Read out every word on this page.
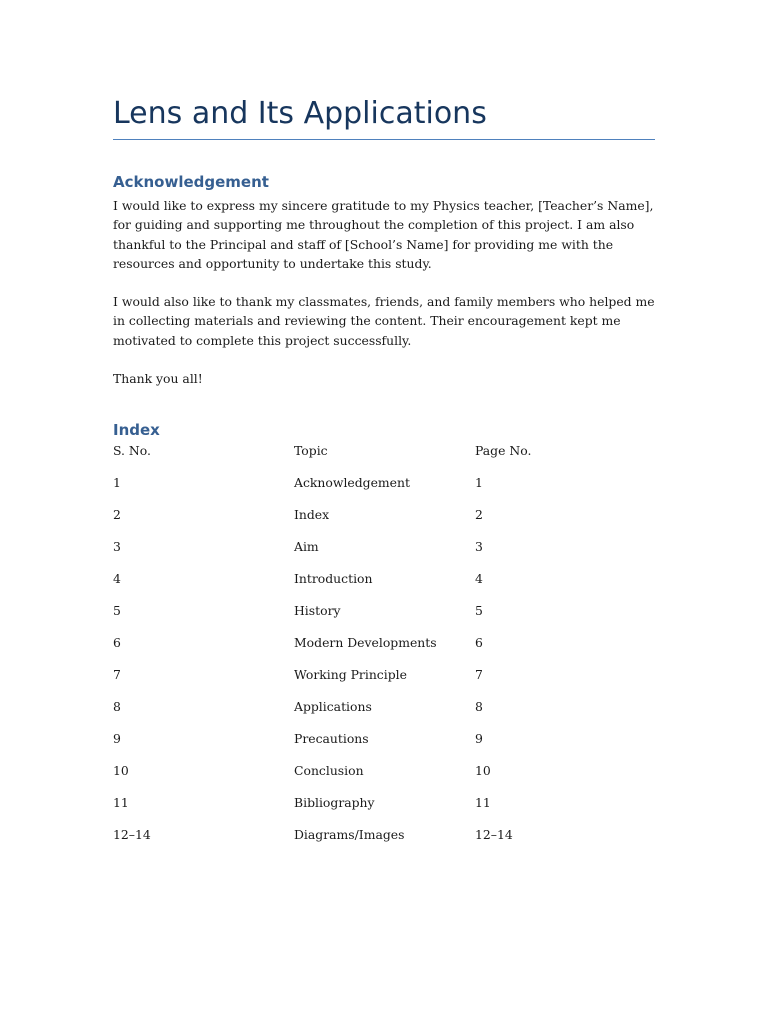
Lens and Its Applications
Acknowledgement

I would like to express my sincere gratitude to my Physics teacher, [Teacher’s Name], for guiding and supporting me throughout the completion of this project. I am also thankful to the Principal and staff of [School’s Name] for providing me with the resources and opportunity to undertake this study.

I would also like to thank my classmates, friends, and family members who helped me in collecting materials and reviewing the content. Their encouragement kept me motivated to complete this project successfully.

Thank you all!

Index
S. No.	Topic	Page No.
1	Acknowledgement	1
2	Index	2
3	Aim	3
4	Introduction	4
5	History	5
6	Modern Developments	6
7	Working Principle	7
8	Applications	8
9	Precautions	9
10	Conclusion	10
11	Bibliography	11
12–14	Diagrams/Images	12–14
